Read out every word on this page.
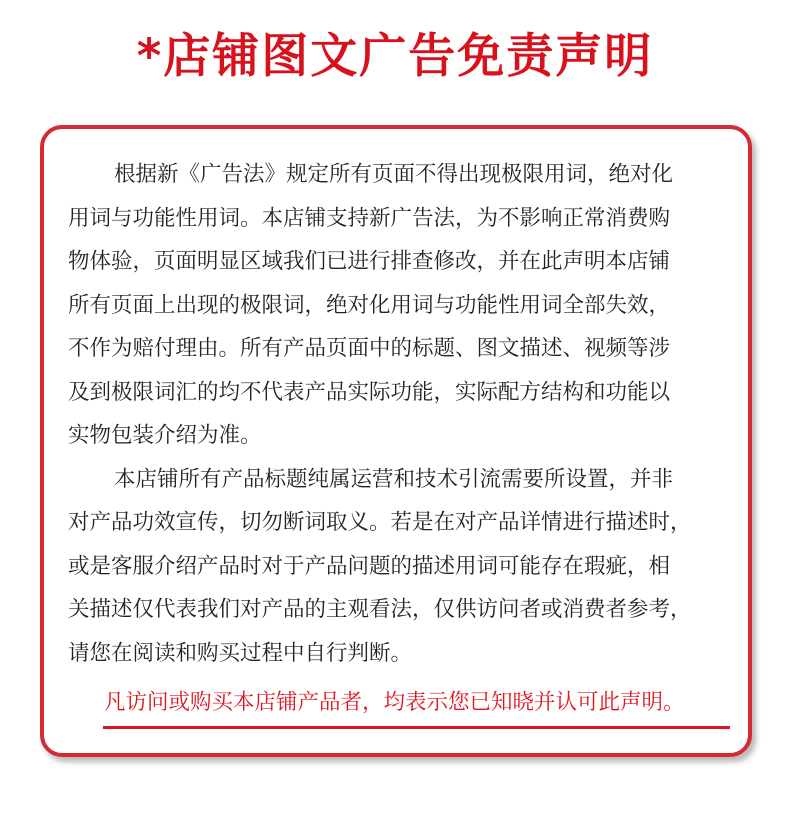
*店铺图文广告免责声明

根据新《广告法》规定所有页面不得出现极限用词，绝对化
用词与功能性用词。本店铺支持新广告法，为不影响正常消费购
物体验，页面明显区域我们已进行排查修改，并在此声明本店铺
所有页面上出现的极限词，绝对化用词与功能性用词全部失效，
不作为赔付理由。所有产品页面中的标题、图文描述、视频等涉
及到极限词汇的均不代表产品实际功能，实际配方结构和功能以
实物包装介绍为准。

本店铺所有产品标题纯属运营和技术引流需要所设置，并非
对产品功效宣传，切勿断词取义。若是在对产品详情进行描述时，
或是客服介绍产品时对于产品问题的描述用词可能存在瑕疵，相
关描述仅代表我们对产品的主观看法，仅供访问者或消费者参考，
请您在阅读和购买过程中自行判断。

凡访问或购买本店铺产品者，均表示您已知晓并认可此声明。
